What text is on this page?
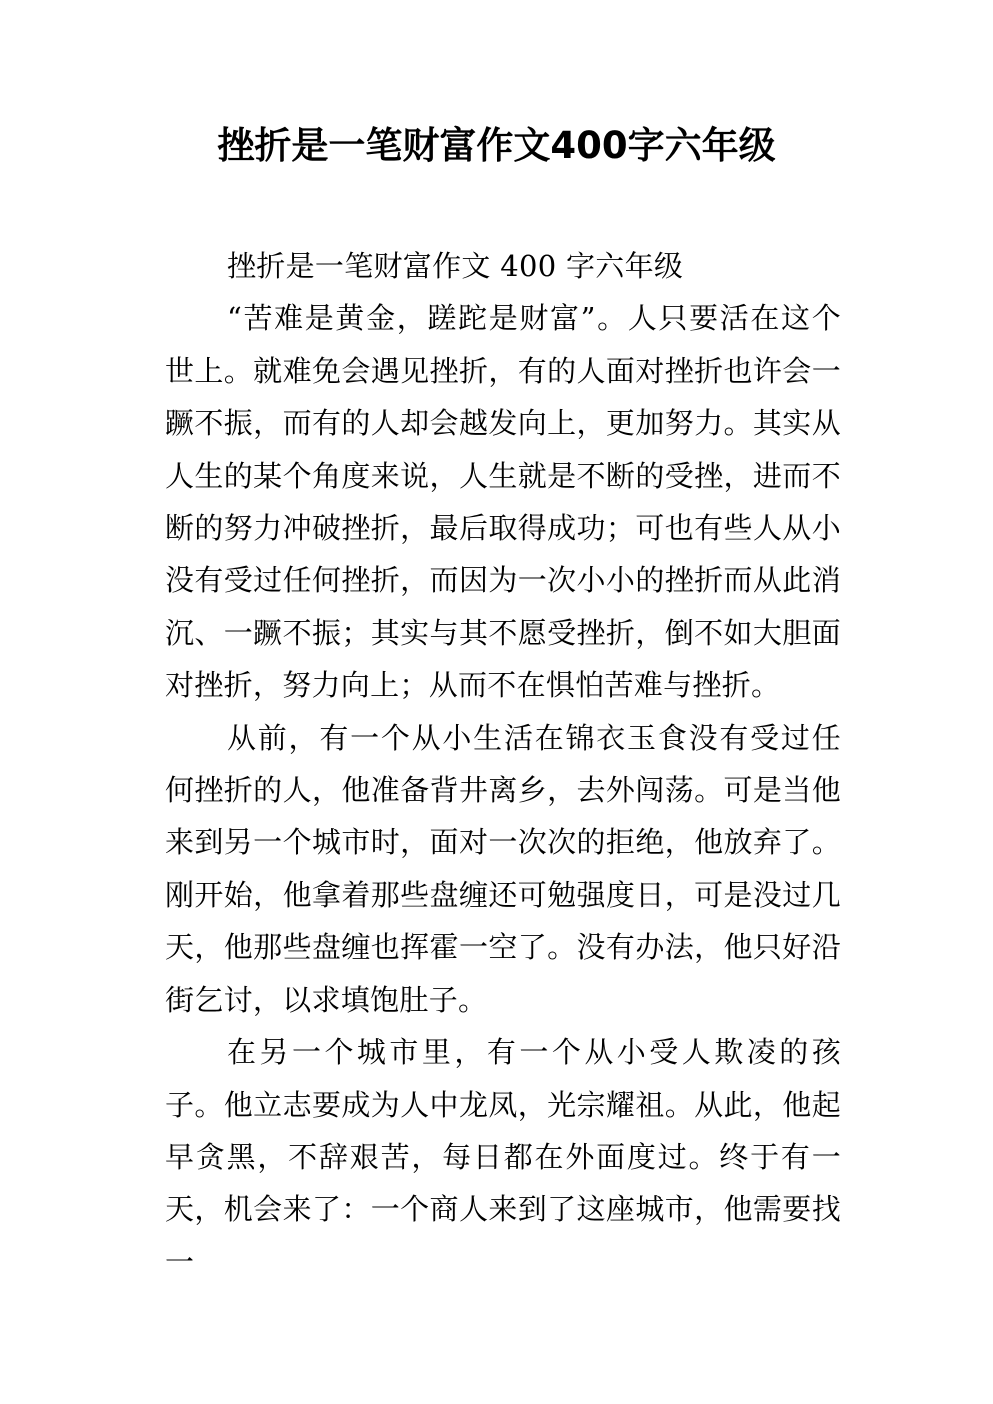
挫折是一笔财富作文400字六年级

挫折是一笔财富作文 400 字六年级

“苦难是黄金，蹉跎是财富”。人只要活在这个世上。就难免会遇见挫折，有的人面对挫折也许会一蹶不振，而有的人却会越发向上，更加努力。其实从人生的某个角度来说，人生就是不断的受挫，进而不断的努力冲破挫折，最后取得成功；可也有些人从小没有受过任何挫折，而因为一次小小的挫折而从此消沉、一蹶不振；其实与其不愿受挫折，倒不如大胆面对挫折，努力向上；从而不在惧怕苦难与挫折。

从前，有一个从小生活在锦衣玉食没有受过任何挫折的人，他准备背井离乡，去外闯荡。可是当他来到另一个城市时，面对一次次的拒绝，他放弃了。刚开始，他拿着那些盘缠还可勉强度日，可是没过几天，他那些盘缠也挥霍一空了。没有办法，他只好沿街乞讨，以求填饱肚子。

在另一个城市里，有一个从小受人欺凌的孩子。他立志要成为人中龙凤，光宗耀祖。从此，他起早贪黑，不辞艰苦，每日都在外面度过。终于有一天，机会来了：一个商人来到了这座城市，他需要找一
